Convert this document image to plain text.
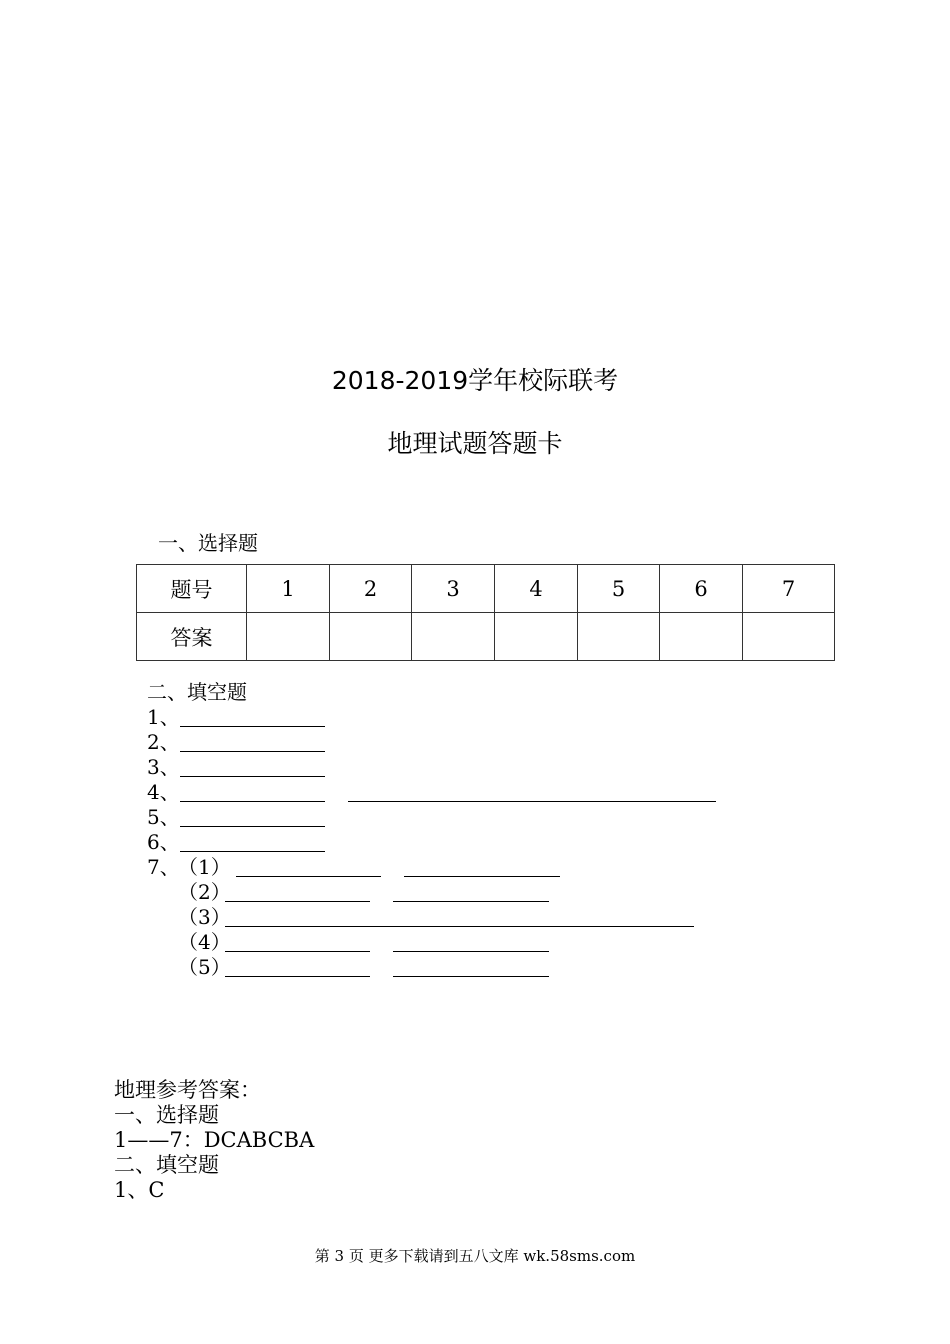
2018-2019学年校际联考
地理试题答题卡
一、选择题
题号	1	2	3	4	5	6	7
答案							
二、填空题
1、
2、
3、
4、
5、
6、
7、
（1）
（2）
（3）
（4）
（5）
地理参考答案：
一、选择题
1——7：DCABCBA
二、填空题
1、C
第 3 页 更多下载请到五八文库 wk.58sms.com
